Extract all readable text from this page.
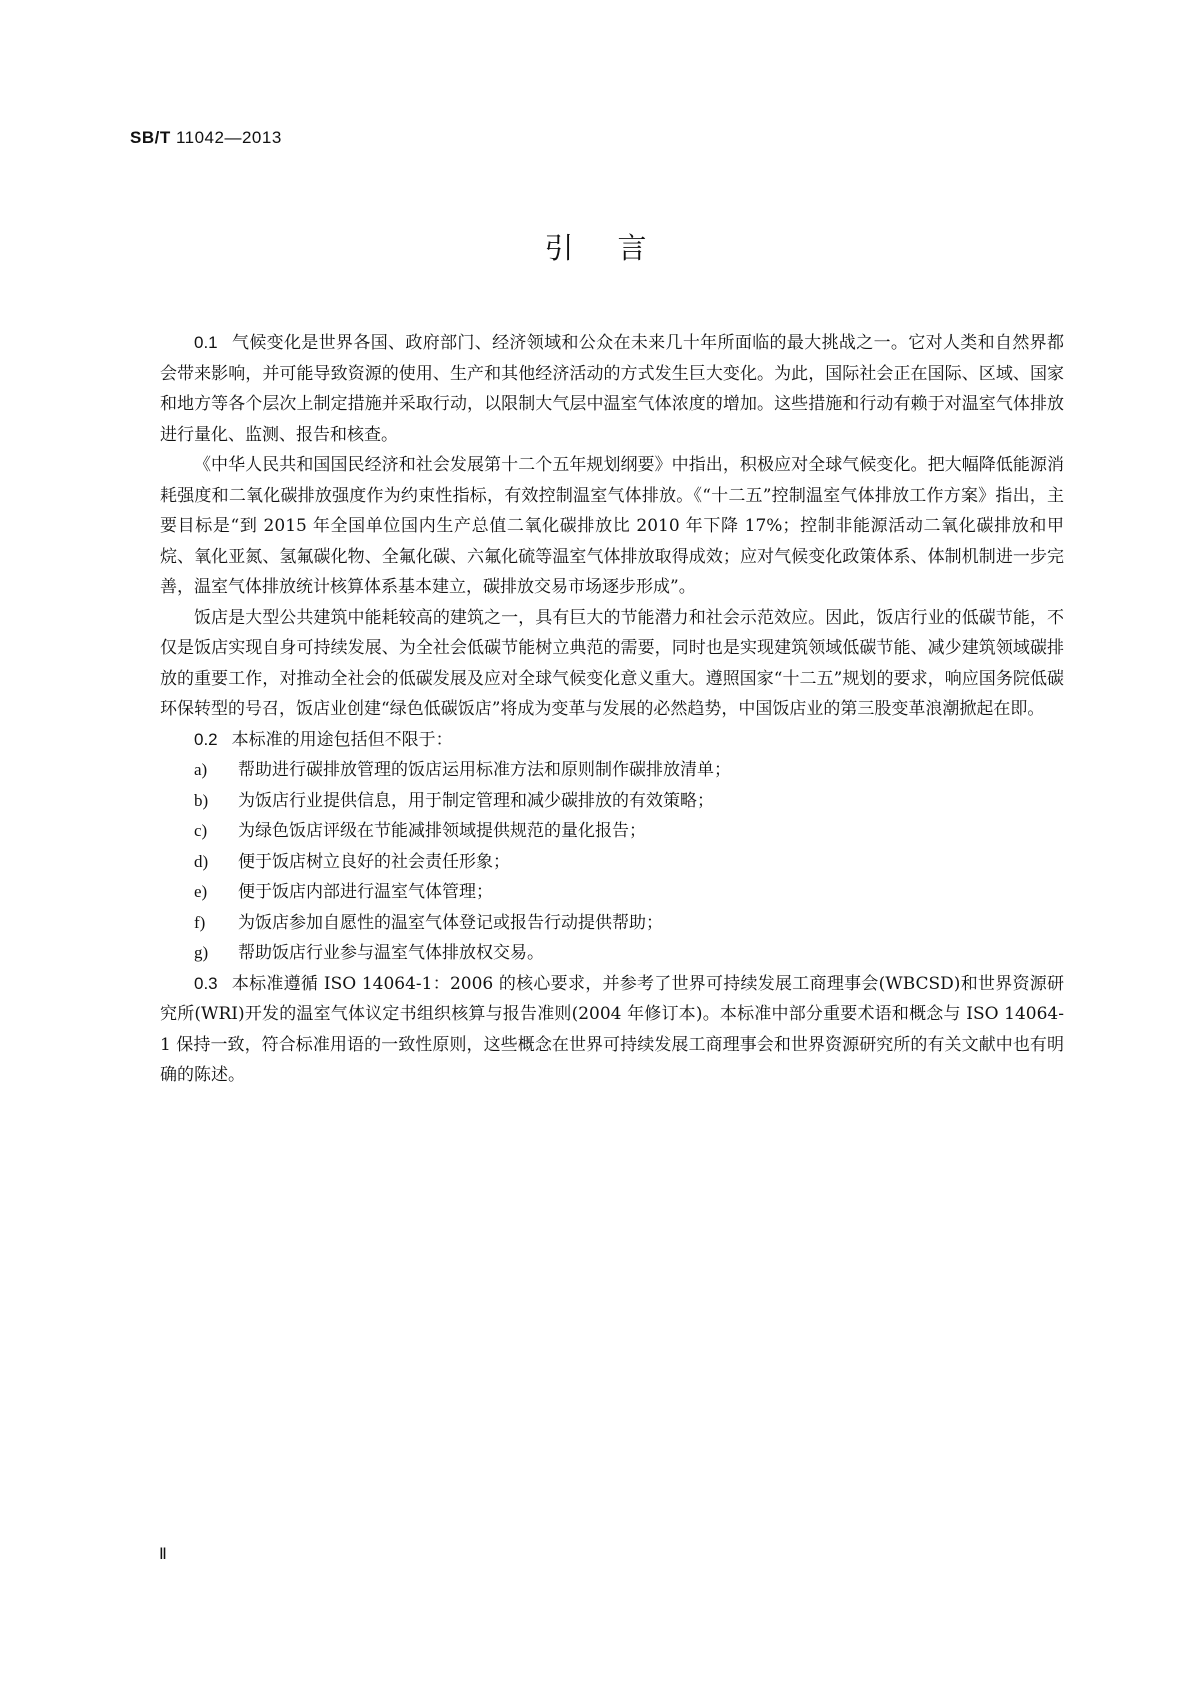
SB/T 11042—2013
引言

0.1 气候变化是世界各国、政府部门、经济领域和公众在未来几十年所面临的最大挑战之一。它对人类和自然界都会带来影响，并可能导致资源的使用、生产和其他经济活动的方式发生巨大变化。为此，国际社会正在国际、区域、国家和地方等各个层次上制定措施并采取行动，以限制大气层中温室气体浓度的增加。这些措施和行动有赖于对温室气体排放进行量化、监测、报告和核查。

《中华人民共和国国民经济和社会发展第十二个五年规划纲要》中指出，积极应对全球气候变化。把大幅降低能源消耗强度和二氧化碳排放强度作为约束性指标，有效控制温室气体排放。《“十二五”控制温室气体排放工作方案》指出，主要目标是“到 2015 年全国单位国内生产总值二氧化碳排放比 2010 年下降 17%；控制非能源活动二氧化碳排放和甲烷、氧化亚氮、氢氟碳化物、全氟化碳、六氟化硫等温室气体排放取得成效；应对气候变化政策体系、体制机制进一步完善，温室气体排放统计核算体系基本建立，碳排放交易市场逐步形成”。

饭店是大型公共建筑中能耗较高的建筑之一，具有巨大的节能潜力和社会示范效应。因此，饭店行业的低碳节能，不仅是饭店实现自身可持续发展、为全社会低碳节能树立典范的需要，同时也是实现建筑领域低碳节能、减少建筑领域碳排放的重要工作，对推动全社会的低碳发展及应对全球气候变化意义重大。遵照国家“十二五”规划的要求，响应国务院低碳环保转型的号召，饭店业创建“绿色低碳饭店”将成为变革与发展的必然趋势，中国饭店业的第三股变革浪潮掀起在即。

0.2 本标准的用途包括但不限于：

a) 帮助进行碳排放管理的饭店运用标准方法和原则制作碳排放清单；

b) 为饭店行业提供信息，用于制定管理和减少碳排放的有效策略；

c) 为绿色饭店评级在节能减排领域提供规范的量化报告；

d) 便于饭店树立良好的社会责任形象；

e) 便于饭店内部进行温室气体管理；

f) 为饭店参加自愿性的温室气体登记或报告行动提供帮助；

g) 帮助饭店行业参与温室气体排放权交易。

0.3 本标准遵循 ISO 14064-1：2006 的核心要求，并参考了世界可持续发展工商理事会(WBCSD)和世界资源研究所(WRI)开发的温室气体议定书组织核算与报告准则(2004 年修订本)。本标准中部分重要术语和概念与 ISO 14064-1 保持一致，符合标准用语的一致性原则，这些概念在世界可持续发展工商理事会和世界资源研究所的有关文献中也有明确的陈述。

Ⅱ
